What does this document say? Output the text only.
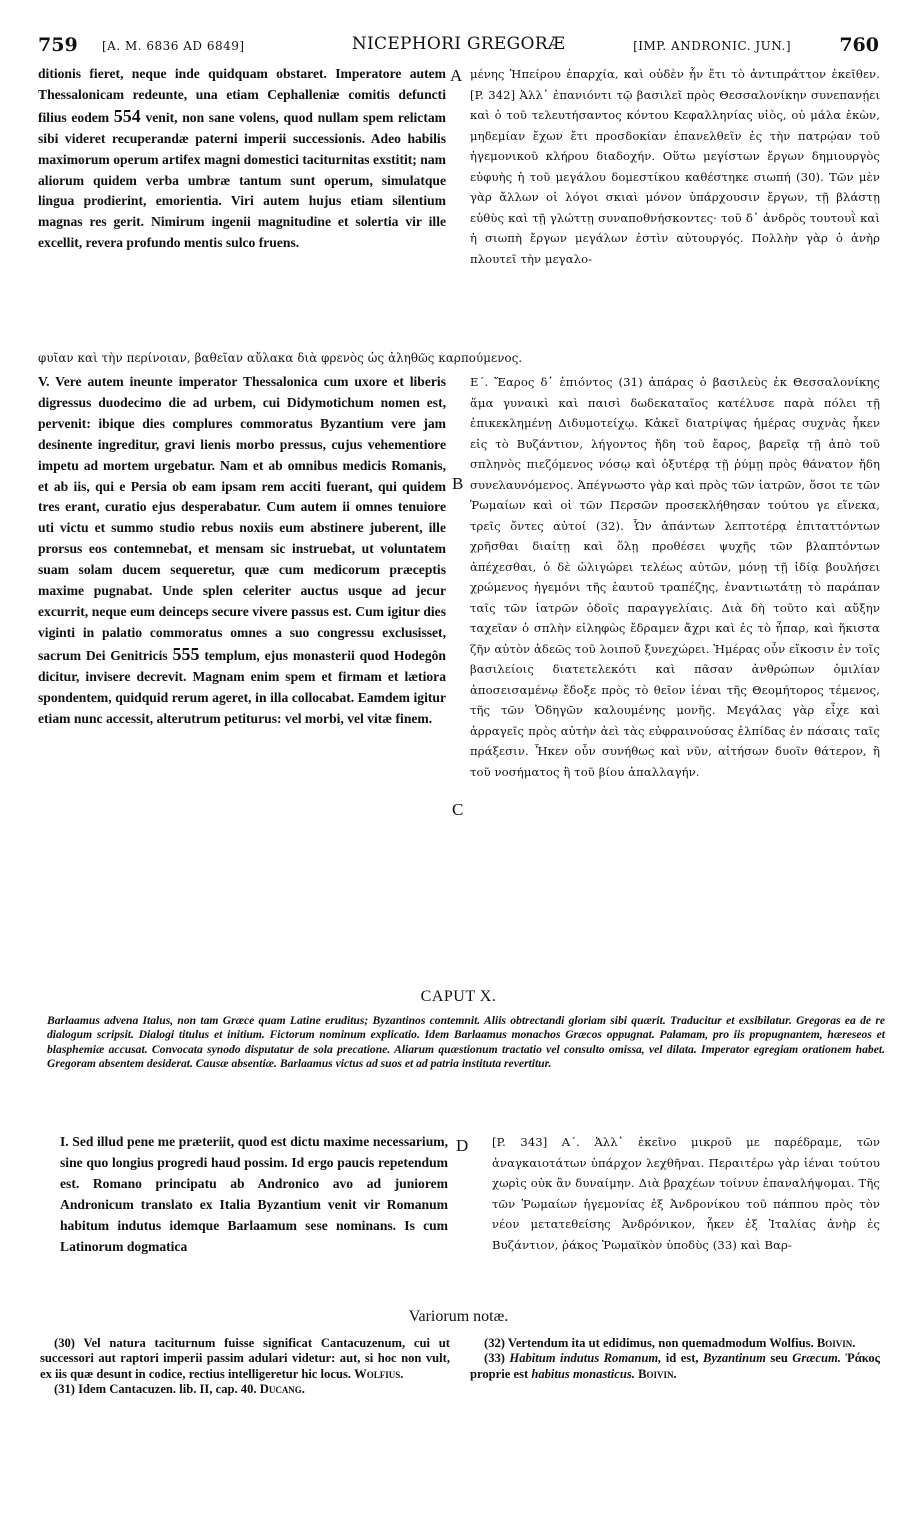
759 [A. M. 6836 AD 6849]	NICEPHORI GREGORÆ	[IMP. ANDRONIC. JUN.]	760
ditionis fieret, neque inde quidquam obstaret. Imperatore autem Thessalonicam redeunte, una etiam Cephalleniæ comitis defuncti filius eodem 554 venit, non sane volens, quod nullam spem relictam sibi videret recuperandæ paterni imperii successionis. Adeo habilis maximorum operum artifex magni domestici taciturnitas exstitit; nam aliorum quidem verba umbræ tantum sunt operum, simulatque lingua prodierint, emorientia. Viri autem hujus etiam silentium magnas res gerit. Nimirum ingenii magnitudine et solertia vir ille excellit, revera profundo mentis sulco fruens.
φυῖαν καὶ τὴν περίνοιαν, βαθεῖαν αὔλακα διὰ φρενὸς ὡς ἀληθῶς καρπούμενος.
V. Vere autem ineunte imperator Thessalonica cum uxore et liberis digressus duodecimo die ad urbem, cui Didymotichum nomen est, pervenit: ibique dies complures commoratus Byzantium vere jam desinente ingreditur, gravi lienis morbo pressus, cujus vehementiore impetu ad mortem urgebatur. Nam et ab omnibus medicis Romanis, et ab iis, qui e Persia ob eam ipsam rem acciti fuerant, qui quidem tres erant, curatio ejus desperabatur. Cum autem ii omnes tenuiore uti victu et summo studio rebus noxiis eum abstinere juberent, ille prorsus eos contemnebat, et mensam sic instruebat, ut voluntatem suam solam ducem sequeretur, quæ cum medicorum præceptis maxime pugnabat. Unde splen celeriter auctus usque ad jecur excurrit, neque eum deinceps secure vivere passus est. Cum igitur dies viginti in palatio commoratus omnes a suo congressu exclusisset, sacrum Dei Genitricis 555 templum, ejus monasterii quod Hodegôn dicitur, invisere decrevit. Magnam enim spem et firmam et lætiora spondentem, quidquid rerum ageret, in illa collocabat. Eamdem igitur etiam nunc accessit, alterutrum petiturus: vel morbi, vel vitæ finem.
μένης Ἠπείρου ἐπαρχία, καὶ οὐδὲν ἦν ἔτι τὸ ἀντιπράττον ἐκεῖθεν. [P. 342] Ἀλλ᾽ ἐπανιόντι τῷ βασιλεῖ πρὸς Θεσσαλονίκην συνεπανῄει καὶ ὁ τοῦ τελευτήσαντος κόντου Κεφαλληνίας υἱὸς, οὐ μάλα ἑκὼν, μηδεμίαν ἔχων ἔτι προσδοκίαν ἐπανελθεῖν ἐς τὴν πατρῴαν τοῦ ἡγεμονικοῦ κλήρου διαδοχήν. Οὕτω μεγίστων ἔργων δημιουργὸς εὐφυὴς ἡ τοῦ μεγάλου δομεστίκου καθέστηκε σιωπή (30). Τῶν μὲν γὰρ ἄλλων οἱ λόγοι σκιαὶ μόνον ὑπάρχουσιν ἔργων, τῇ βλάστῃ εὐθὺς καὶ τῇ γλώττῃ συναποθνήσκοντες· τοῦ δ᾽ ἀνδρὸς τουτουῒ καὶ ἡ σιωπὴ ἔργων μεγάλων ἐστὶν αὐτουργός. Πολλὴν γὰρ ὁ ἀνὴρ πλουτεῖ τὴν μεγαλο-
Ε΄. Ἔαρος δ᾽ ἐπιόντος (31) ἀπάρας ὁ βασιλεὺς ἐκ Θεσσαλονίκης ἅμα γυναικὶ καὶ παισὶ δωδεκαταῖος κατέλυσε παρὰ πόλει τῇ ἐπικεκλημένῃ Διδυμοτείχῳ. Κἀκεῖ διατρίψας ἡμέρας συχνὰς ἧκεν εἰς τὸ Βυζάντιον, λήγοντος ἤδη τοῦ ἔαρος, βαρεῖᾳ τῇ ἀπὸ τοῦ σπληνὸς πιεζόμενος νόσῳ καὶ ὀξυτέρᾳ τῇ ῥύμῃ πρὸς θάνατον ἤδη συνελαυνόμενος. Ἀπέγνωστο γὰρ καὶ πρὸς τῶν ἰατρῶν, ὅσοι τε τῶν Ῥωμαίων καὶ οἱ τῶν Περσῶν προσεκλήθησαν τούτου γε εἵνεκα, τρεῖς ὄντες αὐτοί (32). Ὧν ἁπάντων λεπτοτέρᾳ ἐπιταττόντων χρῆσθαι διαίτῃ καὶ ὅλῃ προθέσει ψυχῆς τῶν βλαπτόντων ἀπέχεσθαι, ὁ δὲ ὠλιγώρει τελέως αὐτῶν, μόνῃ τῇ ἰδίᾳ βουλήσει χρώμενος ἡγεμόνι τῆς ἑαυτοῦ τραπέζης, ἐναντιωτάτῃ τὸ παράπαν ταῖς τῶν ἰατρῶν ὁδοῖς παραγγελίαις. Διὰ δὴ τοῦτο καὶ αὔξην ταχεῖαν ὁ σπλὴν εἰληφὼς ἔδραμεν ἄχρι καὶ ἐς τὸ ἧπαρ, καὶ ἥκιστα ζῆν αὐτὸν ἀδεῶς τοῦ λοιποῦ ξυνεχώρει. Ἡμέρας οὖν εἴκοσιν ἐν τοῖς βασιλείοις διατετελεκότι καὶ πᾶσαν ἀνθρώπων ὁμιλίαν ἀποσεισαμένῳ ἔδοξε πρὸς τὸ θεῖον ἰέναι τῆς Θεομήτορος τέμενος, τῆς τῶν Ὁδηγῶν καλουμένης μονῆς. Μεγάλας γὰρ εἶχε καὶ ἀρραγεῖς πρὸς αὐτὴν ἀεὶ τὰς εὐφραινούσας ἐλπίδας ἐν πάσαις ταῖς πράξεσιν. Ἧκεν οὖν συνήθως καὶ νῦν, αἰτήσων δυοῖν θάτερον, ἢ τοῦ νοσήματος ἢ τοῦ βίου ἀπαλλαγήν.
A
B
C
D
CAPUT X.
Barlaamus advena Italus, non tam Græce quam Latine eruditus; Byzantinos contemnit. Aliis obtrectandi gloriam sibi quærit. Traducitur et exsibilatur. Gregoras ea de re dialogum scripsit. Dialogi titulus et initium. Fictorum nominum explicatio. Idem Barlaamus monachos Græcos oppugnat. Palamam, pro iis propugnantem, hæreseos et blasphemiæ accusat. Convocata synodo disputatur de sola precatione. Aliarum quæstionum tractatio vel consulto omissa, vel dilata. Imperator egregiam orationem habet. Gregoram absentem desiderat. Causæ absentiæ. Barlaamus victus ad suos et ad patria instituta revertitur.
I. Sed illud pene me præteriit, quod est dictu maxime necessarium, sine quo longius progredi haud possim. Id ergo paucis repetendum est. Romano principatu ab Andronico avo ad juniorem Andronicum translato ex Italia Byzantium venit vir Romanum habitum indutus idemque Barlaamum sese nominans. Is cum Latinorum dogmatica
[P. 343] Α΄. Ἀλλ᾽ ἐκεῖνο μικροῦ με παρέδραμε, τῶν ἀναγκαιοτάτων ὑπάρχον λεχθῆναι. Περαιτέρω γὰρ ἰέναι τούτου χωρὶς οὐκ ἂν δυναίμην. Διὰ βραχέων τοίνυν ἐπαναλήψομαι. Τῆς τῶν Ῥωμαίων ἡγεμονίας ἐξ Ἀνδρονίκου τοῦ πάππου πρὸς τὸν νέον μετατεθείσης Ἀνδρόνικον, ἧκεν ἐξ Ἰταλίας ἀνὴρ ἐς Βυζάντιον, ῥάκος Ῥωμαϊκὸν ὑποδὺς (33) καὶ Βαρ-
Variorum notæ.

(30) Vel natura taciturnum fuisse significat Cantacuzenum, cui ut successori aut raptori imperii passim adulari videtur: aut, si hoc non vult, ex iis quæ desunt in codice, rectius intelligeretur hic locus. Wolfius.

(31) Idem Cantacuzen. lib. II, cap. 40. Ducang.

(32) Vertendum ita ut edidimus, non quemadmodum Wolfius. Boivin.

(33) Habitum indutus Romanum, id est, Byzantinum seu Græcum. Ῥάκος proprie est habitus monasticus. Boivin.
